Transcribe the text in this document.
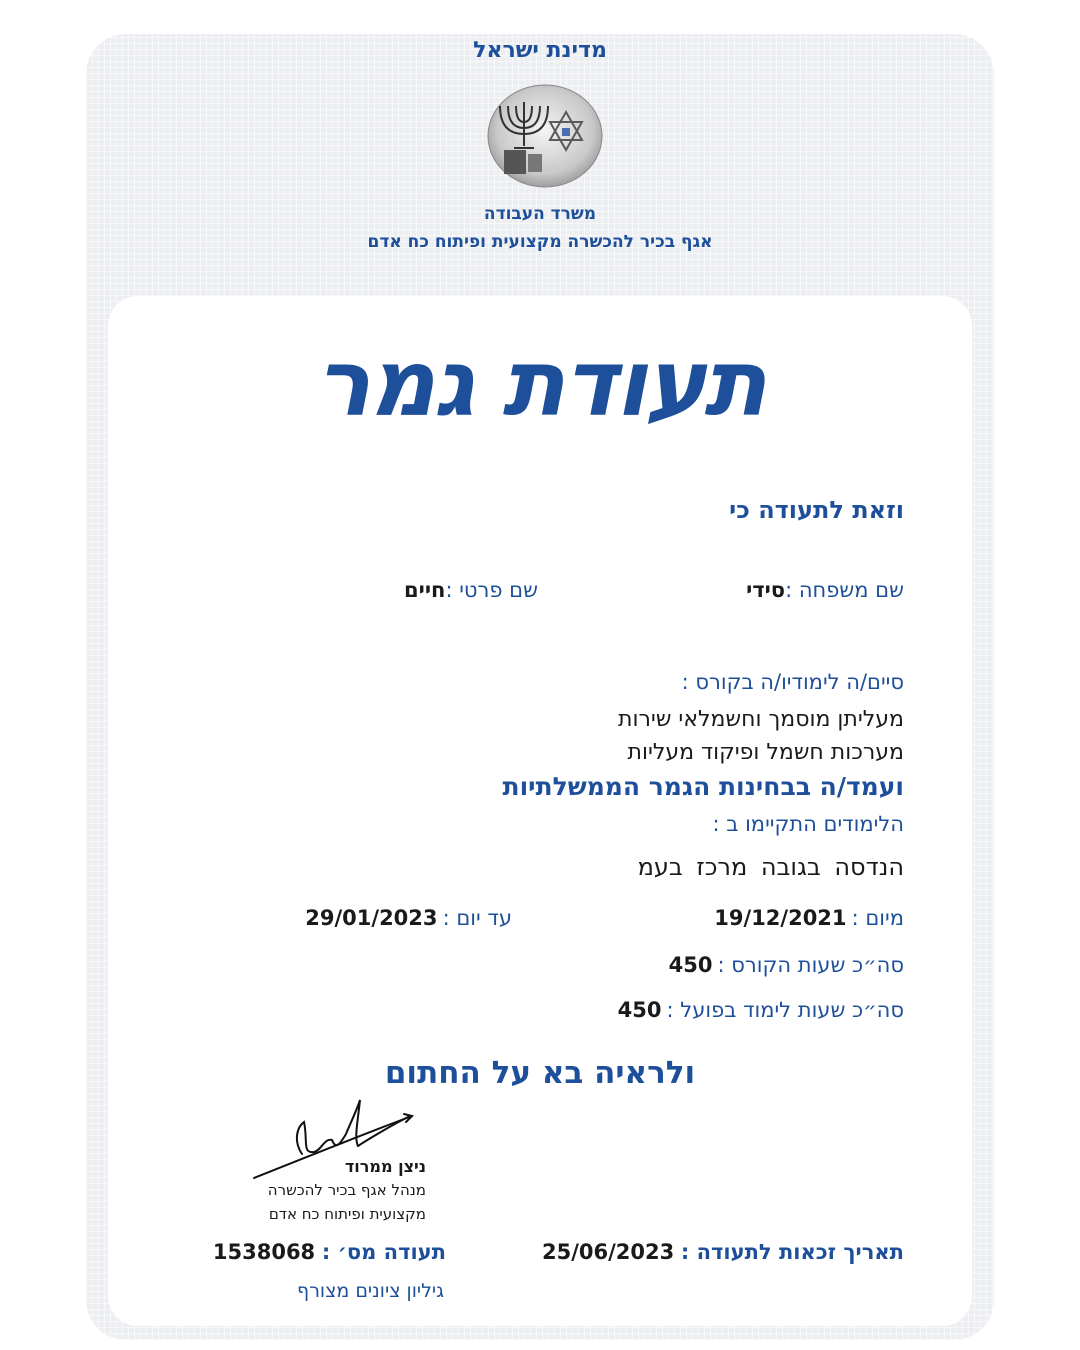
מדינת ישראל
משרד העבודה
אגף בכיר להכשרה מקצועית ופיתוח כח אדם
תעודת גמר
וזאת לתעודה כי
שם משפחה :סידי
שם פרטי :חיים
סיים/ה לימודיו/ה בקורס :
מעליתן מוסמך וחשמלאי שירות
מערכות חשמל ופיקוד מעליות
ועמד/ה בבחינות הגמר הממשלתיות
הלימודים התקיימו ב :
הנדסה בגובה מרכז בעמ
מיום : 19/12/2021
עד יום : 29/01/2023
סה״כ שעות הקורס : 450
סה״כ שעות לימוד בפועל : 450
ולראיה בא על החתום
ניצן ממרוד
מנהל אגף בכיר להכשרה
מקצועית ופיתוח כח אדם
תאריך זכאות לתעודה : 25/06/2023
תעודה מס׳ : 1538068
גיליון ציונים מצורף
